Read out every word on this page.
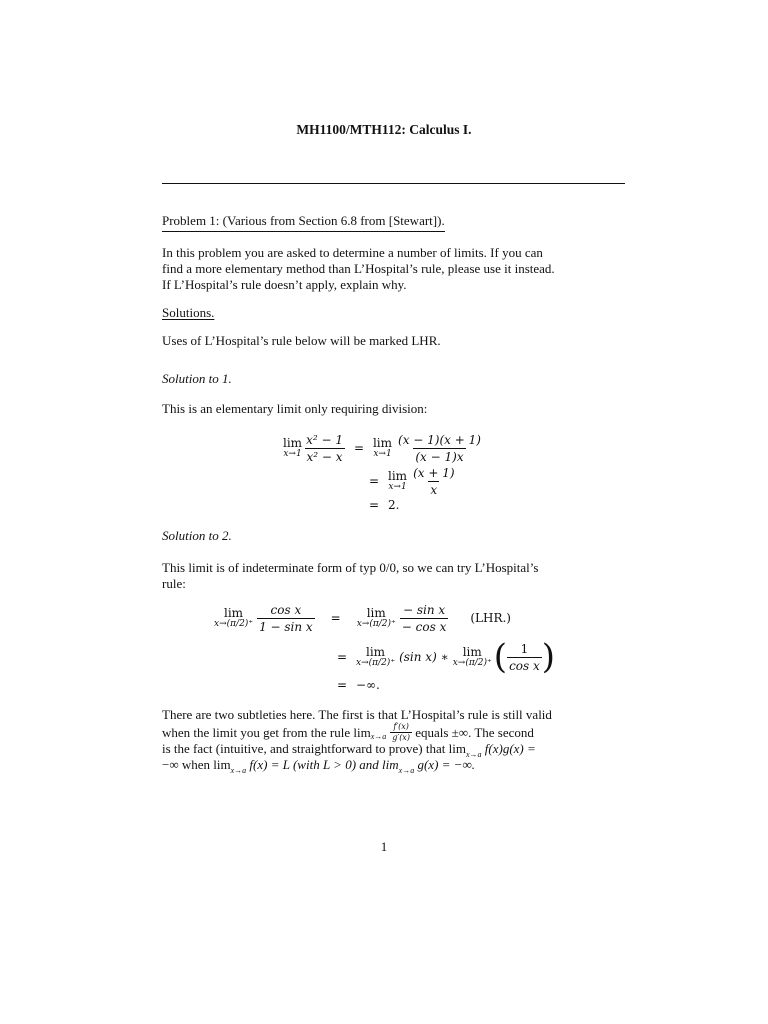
MH1100/MTH112: Calculus I.
Problem 1: (Various from Section 6.8 from [Stewart]).
In this problem you are asked to determine a number of limits. If you can
find a more elementary method than L’Hospital’s rule, please use it instead.
If L’Hospital’s rule doesn’t apply, explain why.
Solutions.
Uses of L’Hospital’s rule below will be marked LHR.
Solution to 1.
This is an elementary limit only requiring division:
lim
$x\to 1 \frac{\text{x² − 1}}{\text{x² − x}} = \lim$
$x\to 1 \frac{(x - 1)(x + 1)}{(x - 1)x}$
= lim
$x\to 1 \frac{(x + 1)}{x}$
= 2.
Solution to 2.
This limit is of indeterminate form of typ 0/0, so we can try L’Hospital’s
rule:
lim
$x\to(\pi/2)^+ \frac{\text{cos x}}{\text{1 − sin x}}$	=	lim
$x\to(\pi/2)^+ \frac{\text{− sin x}}{\text{− cos x}} (LHR.)$
=	lim
x→(π/2)⁺ (sin x) ∗ lim
x→(π/2)⁺ ( $\frac{1}{\text{cos x}}$ )
= −∞.
There are two subtleties here. The first is that L’Hospital’s rule is still valid
when the limit you get from the rule $\lim x\to a \frac{f'(x)}{g'(x)}$ equals ±∞. The second
is the fact (intuitive, and straightforward to prove) that $\lim_{x\to a} f(x)g(x)$ =
−∞ when $\lim_{x\to a} f(x) = L$ (with L > 0) and $\lim_{x\to a} g(x)$ = −∞.
1
